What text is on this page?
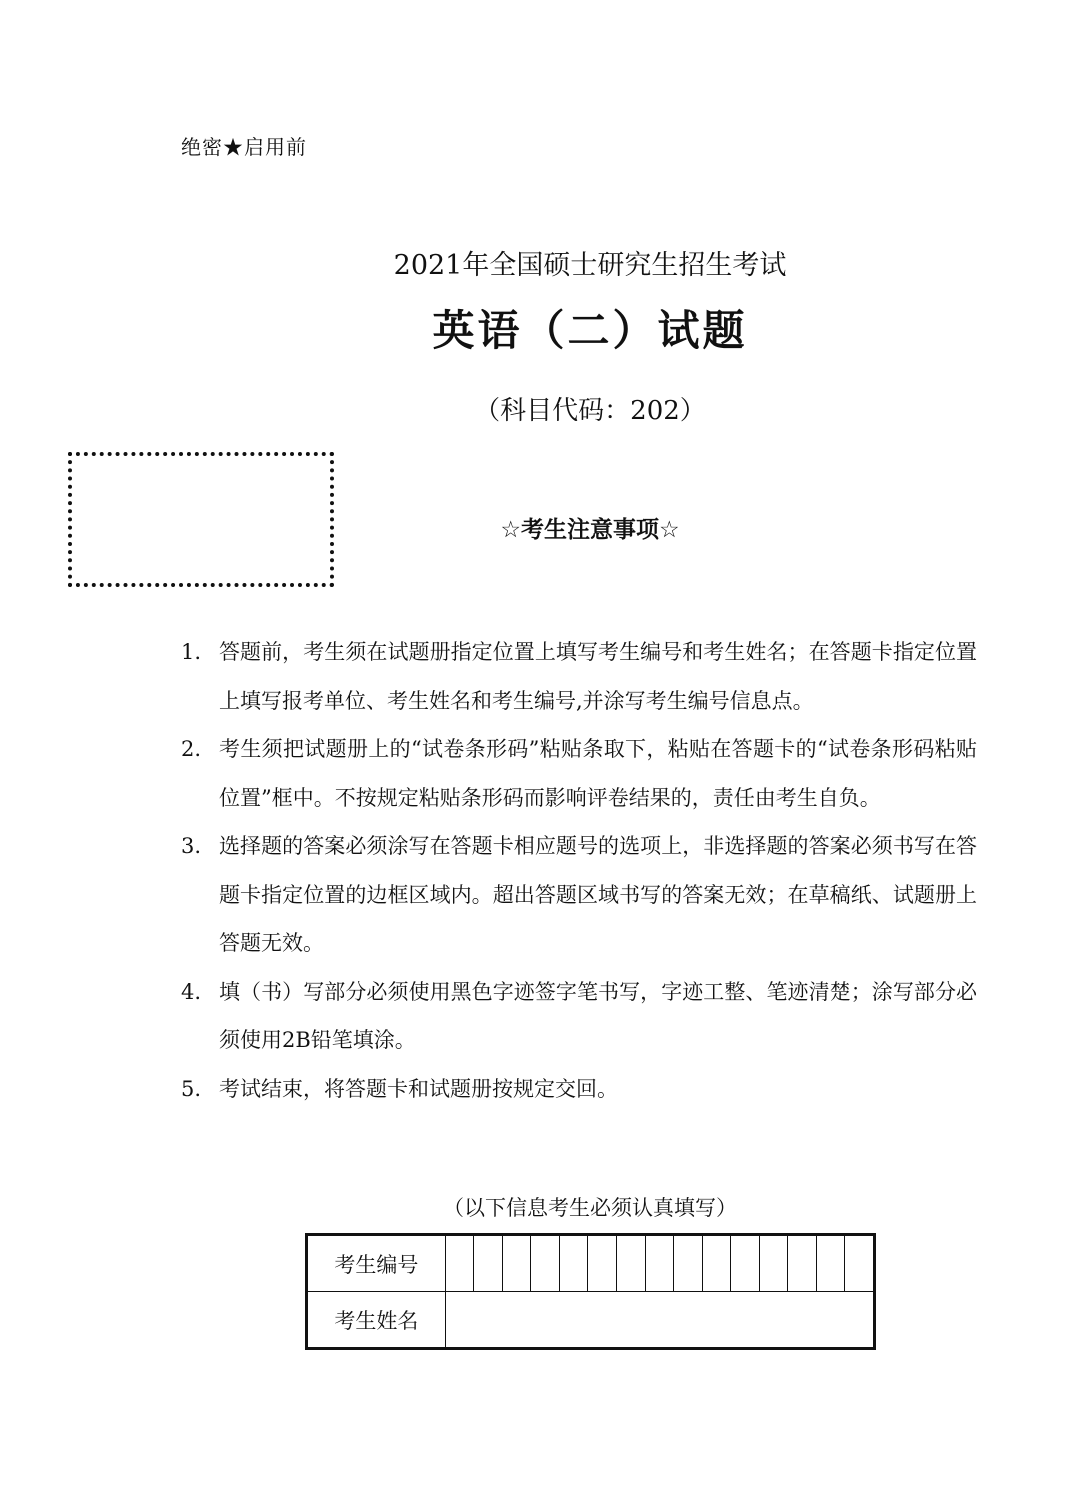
绝密★启用前
2021年全国硕士研究生招生考试
英语（二）试题
（科目代码：202）
☆考生注意事项☆
1. 答题前，考生须在试题册指定位置上填写考生编号和考生姓名；在答题卡指定位置上填写报考单位、考生姓名和考生编号,并涂写考生编号信息点。
2. 考生须把试题册上的“试卷条形码”粘贴条取下，粘贴在答题卡的“试卷条形码粘贴位置”框中。不按规定粘贴条形码而影响评卷结果的，责任由考生自负。
3. 选择题的答案必须涂写在答题卡相应题号的选项上，非选择题的答案必须书写在答题卡指定位置的边框区域内。超出答题区域书写的答案无效；在草稿纸、试题册上答题无效。
4. 填（书）写部分必须使用黑色字迹签字笔书写，字迹工整、笔迹清楚；涂写部分必须使用2B铅笔填涂。
5. 考试结束，将答题卡和试题册按规定交回。
（以下信息考生必须认真填写）
考生编号															
考生姓名															
